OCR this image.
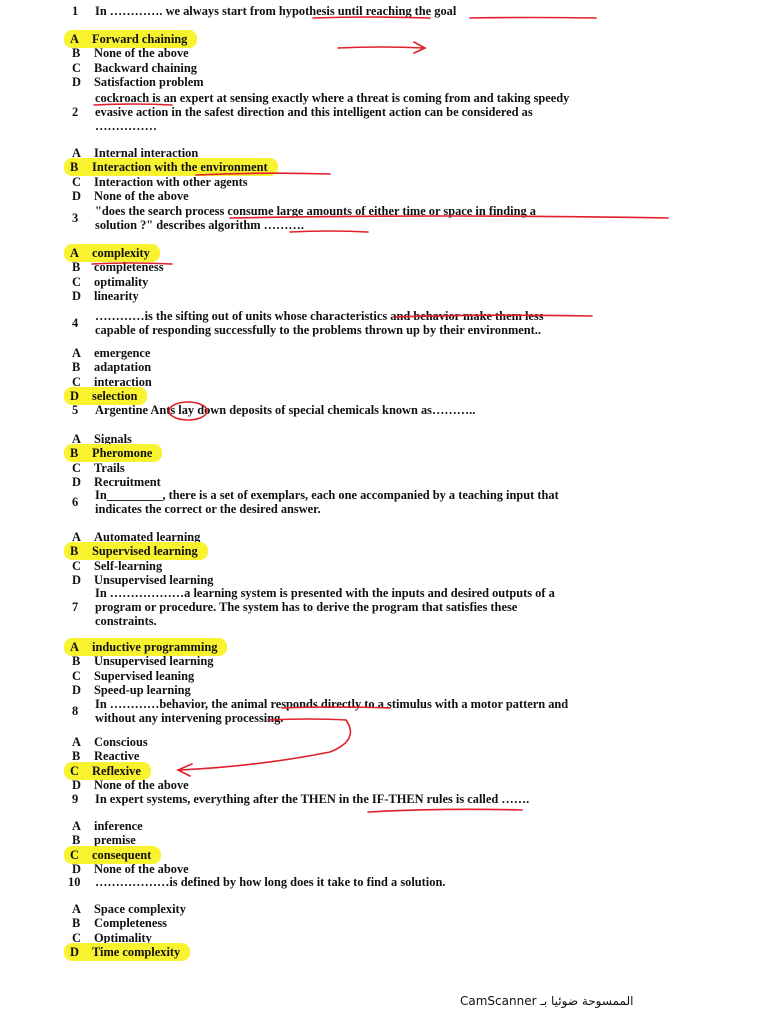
1	In …………. we always start from hypothesis until reaching the goal
A Forward chaining
B None of the above
C Backward chaining
D Satisfaction problem
2
cockroach is an expert at sensing exactly where a threat is coming from and taking speedy
evasive action in the safest direction and this intelligent action can be considered as
……………
A Internal interaction
B Interaction with the environment
C Interaction with other agents
D None of the above
3	"does the search process consume large amounts of either time or space in finding a
solution ?" describes algorithm ……….
A complexity
B completeness
C optimality
D linearity
4	…………is the sifting out of units whose characteristics and behavior make them less
capable of responding successfully to the problems thrown up by their environment..
A emergence
B adaptation
C interaction
D selection
5	Argentine Ants lay down deposits of special chemicals known as………..
A Signals
B Pheromone
C Trails
D Recruitment
6	In_________, there is a set of exemplars, each one accompanied by a teaching input that
indicates the correct or the desired answer.
A Automated learning
B Supervised learning
C Self-learning
D Unsupervised learning
7
In ………………a learning system is presented with the inputs and desired outputs of a
program or procedure. The system has to derive the program that satisfies these
constraints.
A inductive programming
B Unsupervised learning
C Supervised leaning
D Speed-up learning
8	In …………behavior, the animal responds directly to a stimulus with a motor pattern and
without any intervening processing.
A Conscious
B Reactive
C Reflexive
D None of the above
9	In expert systems, everything after the THEN in the IF-THEN rules is called …….
A inference
B premise
C consequent
D None of the above
10 ………………is defined by how long does it take to find a solution.
A Space complexity
B Completeness
C Optimality
D Time complexity
CamScanner الممسوحة ضوئيا بـ
